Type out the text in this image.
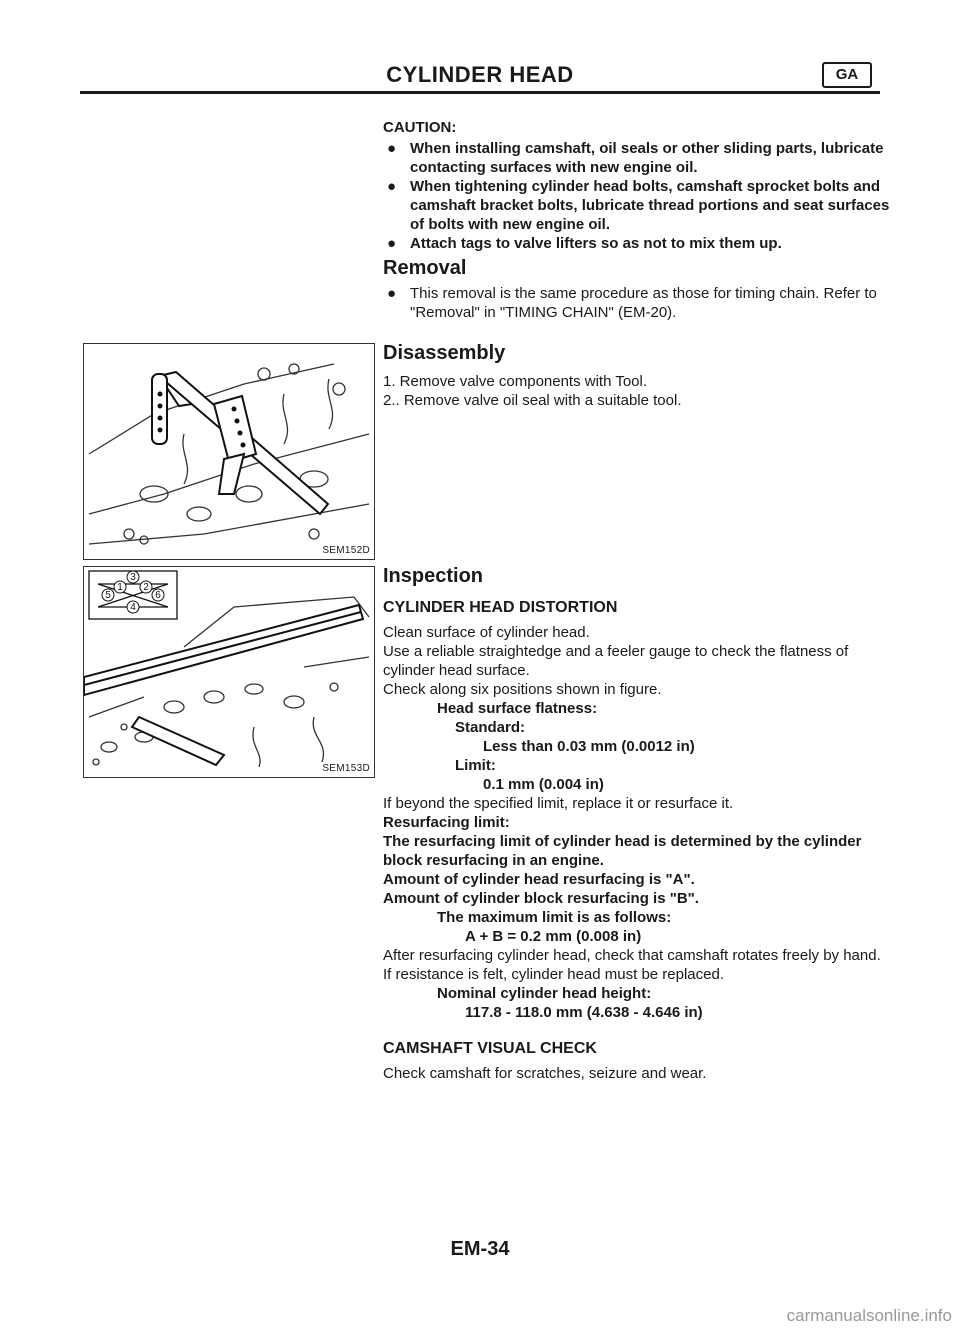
CYLINDER HEAD	GA

CAUTION:

● When installing camshaft, oil seals or other sliding parts, lubricate contacting surfaces with new engine oil.
● When tightening cylinder head bolts, camshaft sprocket bolts and camshaft bracket bolts, lubricate thread portions and seat surfaces of bolts with new engine oil.
● Attach tags to valve lifters so as not to mix them up.
Removal
● This removal is the same procedure as those for timing chain. Refer to "Removal" in "TIMING CHAIN" (EM-20).
Disassembly

1. Remove valve components with Tool.

2.. Remove valve oil seal with a suitable tool.

Inspection
CYLINDER HEAD DISTORTION

Clean surface of cylinder head.

Use a reliable straightedge and a feeler gauge to check the flatness of cylinder head surface.

Check along six positions shown in figure.

Head surface flatness:

Standard:

Less than 0.03 mm (0.0012 in)

Limit:

0.1 mm (0.004 in)

If beyond the specified limit, replace it or resurface it.

Resurfacing limit:

The resurfacing limit of cylinder head is determined by the cylinder block resurfacing in an engine.

Amount of cylinder head resurfacing is "A".

Amount of cylinder block resurfacing is "B".

The maximum limit is as follows:

A + B = 0.2 mm (0.008 in)

After resurfacing cylinder head, check that camshaft rotates freely by hand. If resistance is felt, cylinder head must be replaced.

Nominal cylinder head height:

117.8 - 118.0 mm (4.638 - 4.646 in)

CAMSHAFT VISUAL CHECK

Check camshaft for scratches, seizure and wear.

SEM152D
5
1
3
2
6
4
SEM153D
EM-34
carmanualsonline.info
